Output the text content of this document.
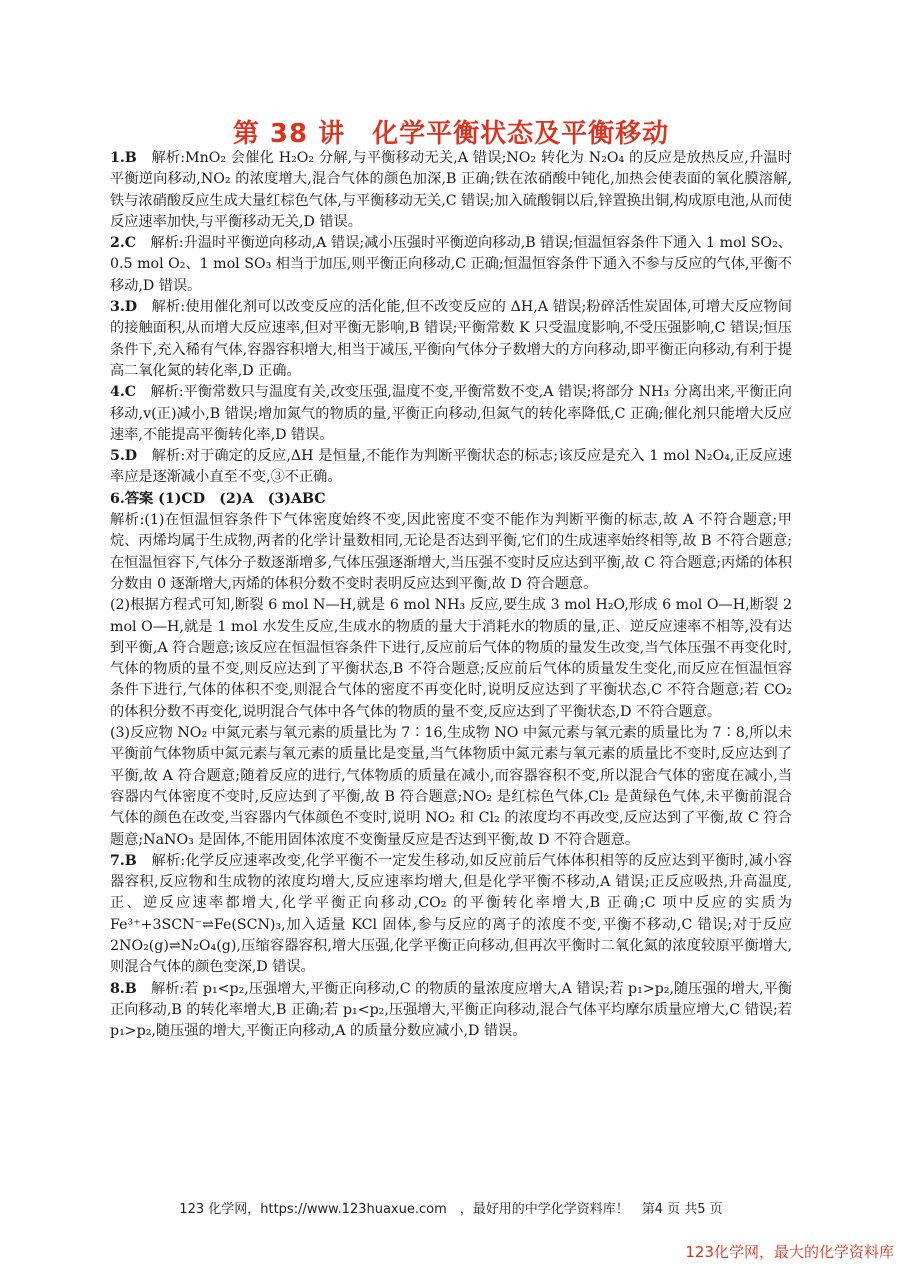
第 38 讲　化学平衡状态及平衡移动

1.B　 解析:MnO₂ 会催化 H₂O₂ 分解,与平衡移动无关,A 错误;NO₂ 转化为 N₂O₄ 的反应是放热反应,升温时平衡逆向移动,NO₂ 的浓度增大,混合气体的颜色加深,B 正确;铁在浓硝酸中钝化,加热会使表面的氧化膜溶解,铁与浓硝酸反应生成大量红棕色气体,与平衡移动无关,C 错误;加入硫酸铜以后,锌置换出铜,构成原电池,从而使反应速率加快,与平衡移动无关,D 错误。

2.C　 解析:升温时平衡逆向移动,A 错误;减小压强时平衡逆向移动,B 错误;恒温恒容条件下通入 1 mol SO₂、0.5 mol O₂、1 mol SO₃ 相当于加压,则平衡正向移动,C 正确;恒温恒容条件下通入不参与反应的气体,平衡不移动,D 错误。

3.D　 解析:使用催化剂可以改变反应的活化能,但不改变反应的 ΔH,A 错误;粉碎活性炭固体,可增大反应物间的接触面积,从而增大反应速率,但对平衡无影响,B 错误;平衡常数 K 只受温度影响,不受压强影响,C 错误;恒压条件下,充入稀有气体,容器容积增大,相当于减压,平衡向气体分子数增大的方向移动,即平衡正向移动,有利于提高二氧化氮的转化率,D 正确。

4.C　 解析:平衡常数只与温度有关,改变压强,温度不变,平衡常数不变,A 错误;将部分 NH₃ 分离出来,平衡正向移动,v(正)减小,B 错误;增加氮气的物质的量,平衡正向移动,但氮气的转化率降低,C 正确;催化剂只能增大反应速率,不能提高平衡转化率,D 错误。

5.D　 解析:对于确定的反应,ΔH 是恒量,不能作为判断平衡状态的标志;该反应是充入 1 mol N₂O₄,正反应速率应是逐渐减小直至不变,③不正确。

6.答案 (1)CD　(2)A　(3)ABC

解析:(1)在恒温恒容条件下气体密度始终不变,因此密度不变不能作为判断平衡的标志,故 A 不符合题意;甲烷、丙烯均属于生成物,两者的化学计量数相同,无论是否达到平衡,它们的生成速率始终相等,故 B 不符合题意;在恒温恒容下,气体分子数逐渐增多,气体压强逐渐增大,当压强不变时反应达到平衡,故 C 符合题意;丙烯的体积分数由 0 逐渐增大,丙烯的体积分数不变时表明反应达到平衡,故 D 符合题意。

(2)根据方程式可知,断裂 6 mol N—H,就是 6 mol NH₃ 反应,要生成 3 mol H₂O,形成 6 mol O—H,断裂 2 mol O—H,就是 1 mol 水发生反应,生成水的物质的量大于消耗水的物质的量,正、逆反应速率不相等,没有达到平衡,A 符合题意;该反应在恒温恒容条件下进行,反应前后气体的物质的量发生改变,当气体压强不再变化时,气体的物质的量不变,则反应达到了平衡状态,B 不符合题意;反应前后气体的质量发生变化,而反应在恒温恒容条件下进行,气体的体积不变,则混合气体的密度不再变化时,说明反应达到了平衡状态,C 不符合题意;若 CO₂ 的体积分数不再变化,说明混合气体中各气体的物质的量不变,反应达到了平衡状态,D 不符合题意。

(3)反应物 NO₂ 中氮元素与氧元素的质量比为 7∶16,生成物 NO 中氮元素与氧元素的质量比为 7∶8,所以未平衡前气体物质中氮元素与氧元素的质量比是变量,当气体物质中氮元素与氧元素的质量比不变时,反应达到了平衡,故 A 符合题意;随着反应的进行,气体物质的质量在减小,而容器容积不变,所以混合气体的密度在减小,当容器内气体密度不变时,反应达到了平衡,故 B 符合题意;NO₂ 是红棕色气体,Cl₂ 是黄绿色气体,未平衡前混合气体的颜色在改变,当容器内气体颜色不变时,说明 NO₂ 和 Cl₂ 的浓度均不再改变,反应达到了平衡,故 C 符合题意;NaNO₃ 是固体,不能用固体浓度不变衡量反应是否达到平衡,故 D 不符合题意。

7.B　 解析:化学反应速率改变,化学平衡不一定发生移动,如反应前后气体体积相等的反应达到平衡时,减小容器容积,反应物和生成物的浓度均增大,反应速率均增大,但是化学平衡不移动,A 错误;正反应吸热,升高温度,正、逆反应速率都增大,化学平衡正向移动,CO₂ 的平衡转化率增大,B 正确;C 项中反应的实质为 Fe³⁺+3SCN⁻⇌Fe(SCN)₃,加入适量 KCl 固体,参与反应的离子的浓度不变,平衡不移动,C 错误;对于反应 2NO₂(g)⇌N₂O₄(g),压缩容器容积,增大压强,化学平衡正向移动,但再次平衡时二氧化氮的浓度较原平衡增大,则混合气体的颜色变深,D 错误。

8.B　 解析:若 p₁<p₂,压强增大,平衡正向移动,C 的物质的量浓度应增大,A 错误;若 p₁>p₂,随压强的增大,平衡正向移动,B 的转化率增大,B 正确;若 p₁<p₂,压强增大,平衡正向移动,混合气体平均摩尔质量应增大,C 错误;若 p₁>p₂,随压强的增大,平衡正向移动,A 的质量分数应减小,D 错误。

123 化学网，https://www.123huaxue.com　，最好用的中学化学资料库！　第4 页 共5 页
123化学网，最大的化学资料库
